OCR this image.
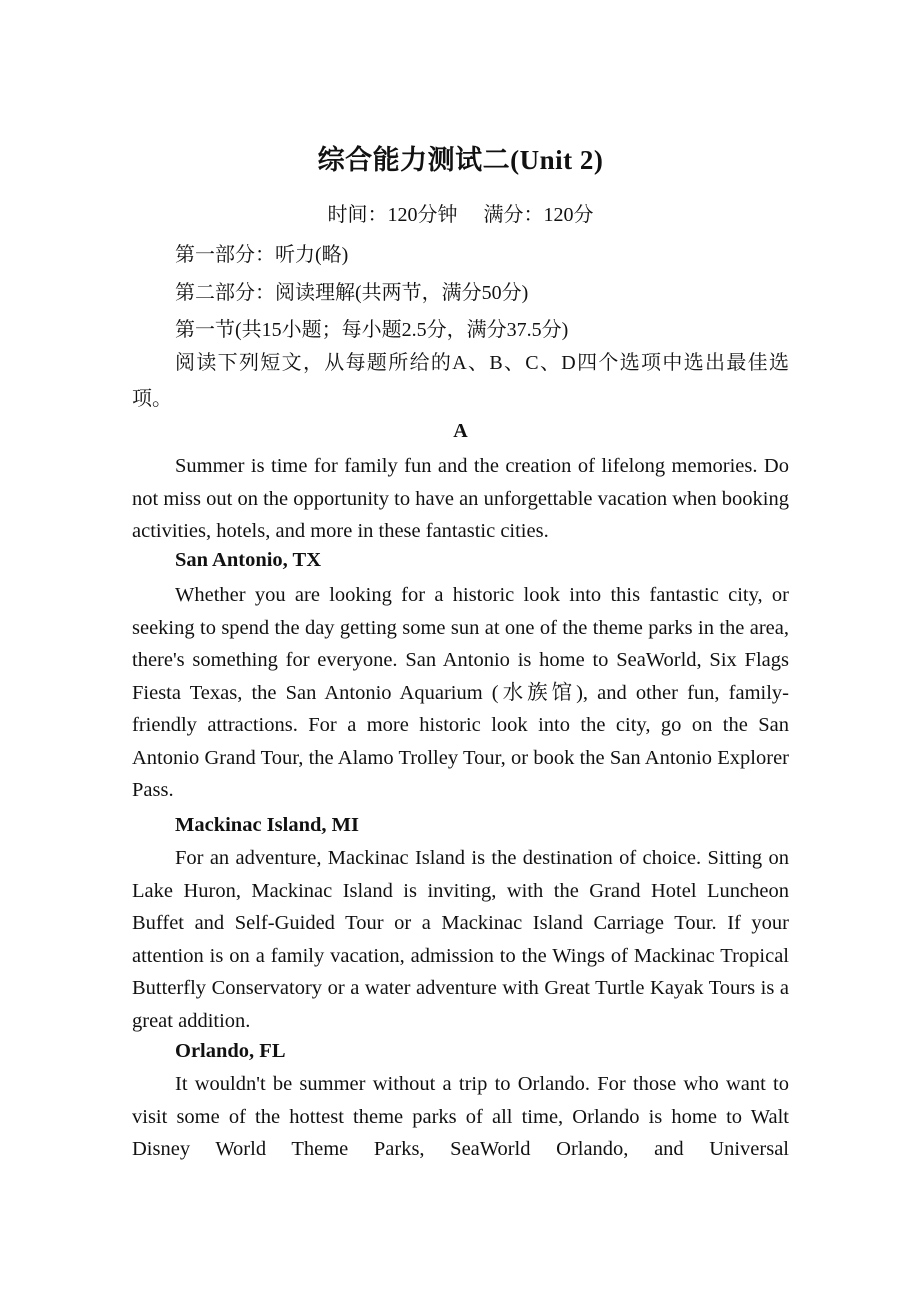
综合能力测试二(Unit 2)
时间：120分钟 满分：120分
第一部分：听力(略)
第二部分：阅读理解(共两节，满分50分)
第一节(共15小题；每小题2.5分，满分37.5分)

阅读下列短文，从每题所给的A、B、C、D四个选项中选出最佳选项。

A

Summer is time for family fun and the creation of lifelong memories. Do not miss out on the opportunity to have an unforgettable vacation when booking activities, hotels, and more in these fantastic cities.

San Antonio, TX

Whether you are looking for a historic look into this fantastic city, or seeking to spend the day getting some sun at one of the theme parks in the area, there's something for everyone. San Antonio is home to SeaWorld, Six Flags Fiesta Texas, the San Antonio Aquarium (水族馆), and other fun, family-friendly attractions. For a more historic look into the city, go on the San Antonio Grand Tour, the Alamo Trolley Tour, or book the San Antonio Explorer Pass.

Mackinac Island, MI

For an adventure, Mackinac Island is the destination of choice. Sitting on Lake Huron, Mackinac Island is inviting, with the Grand Hotel Luncheon Buffet and Self-Guided Tour or a Mackinac Island Carriage Tour. If your attention is on a family vacation, admission to the Wings of Mackinac Tropical Butterfly Conservatory or a water adventure with Great Turtle Kayak Tours is a great addition.

Orlando, FL

It wouldn't be summer without a trip to Orlando. For those who want to visit some of the hottest theme parks of all time, Orlando is home to Walt Disney World Theme Parks, SeaWorld Orlando, and Universal
